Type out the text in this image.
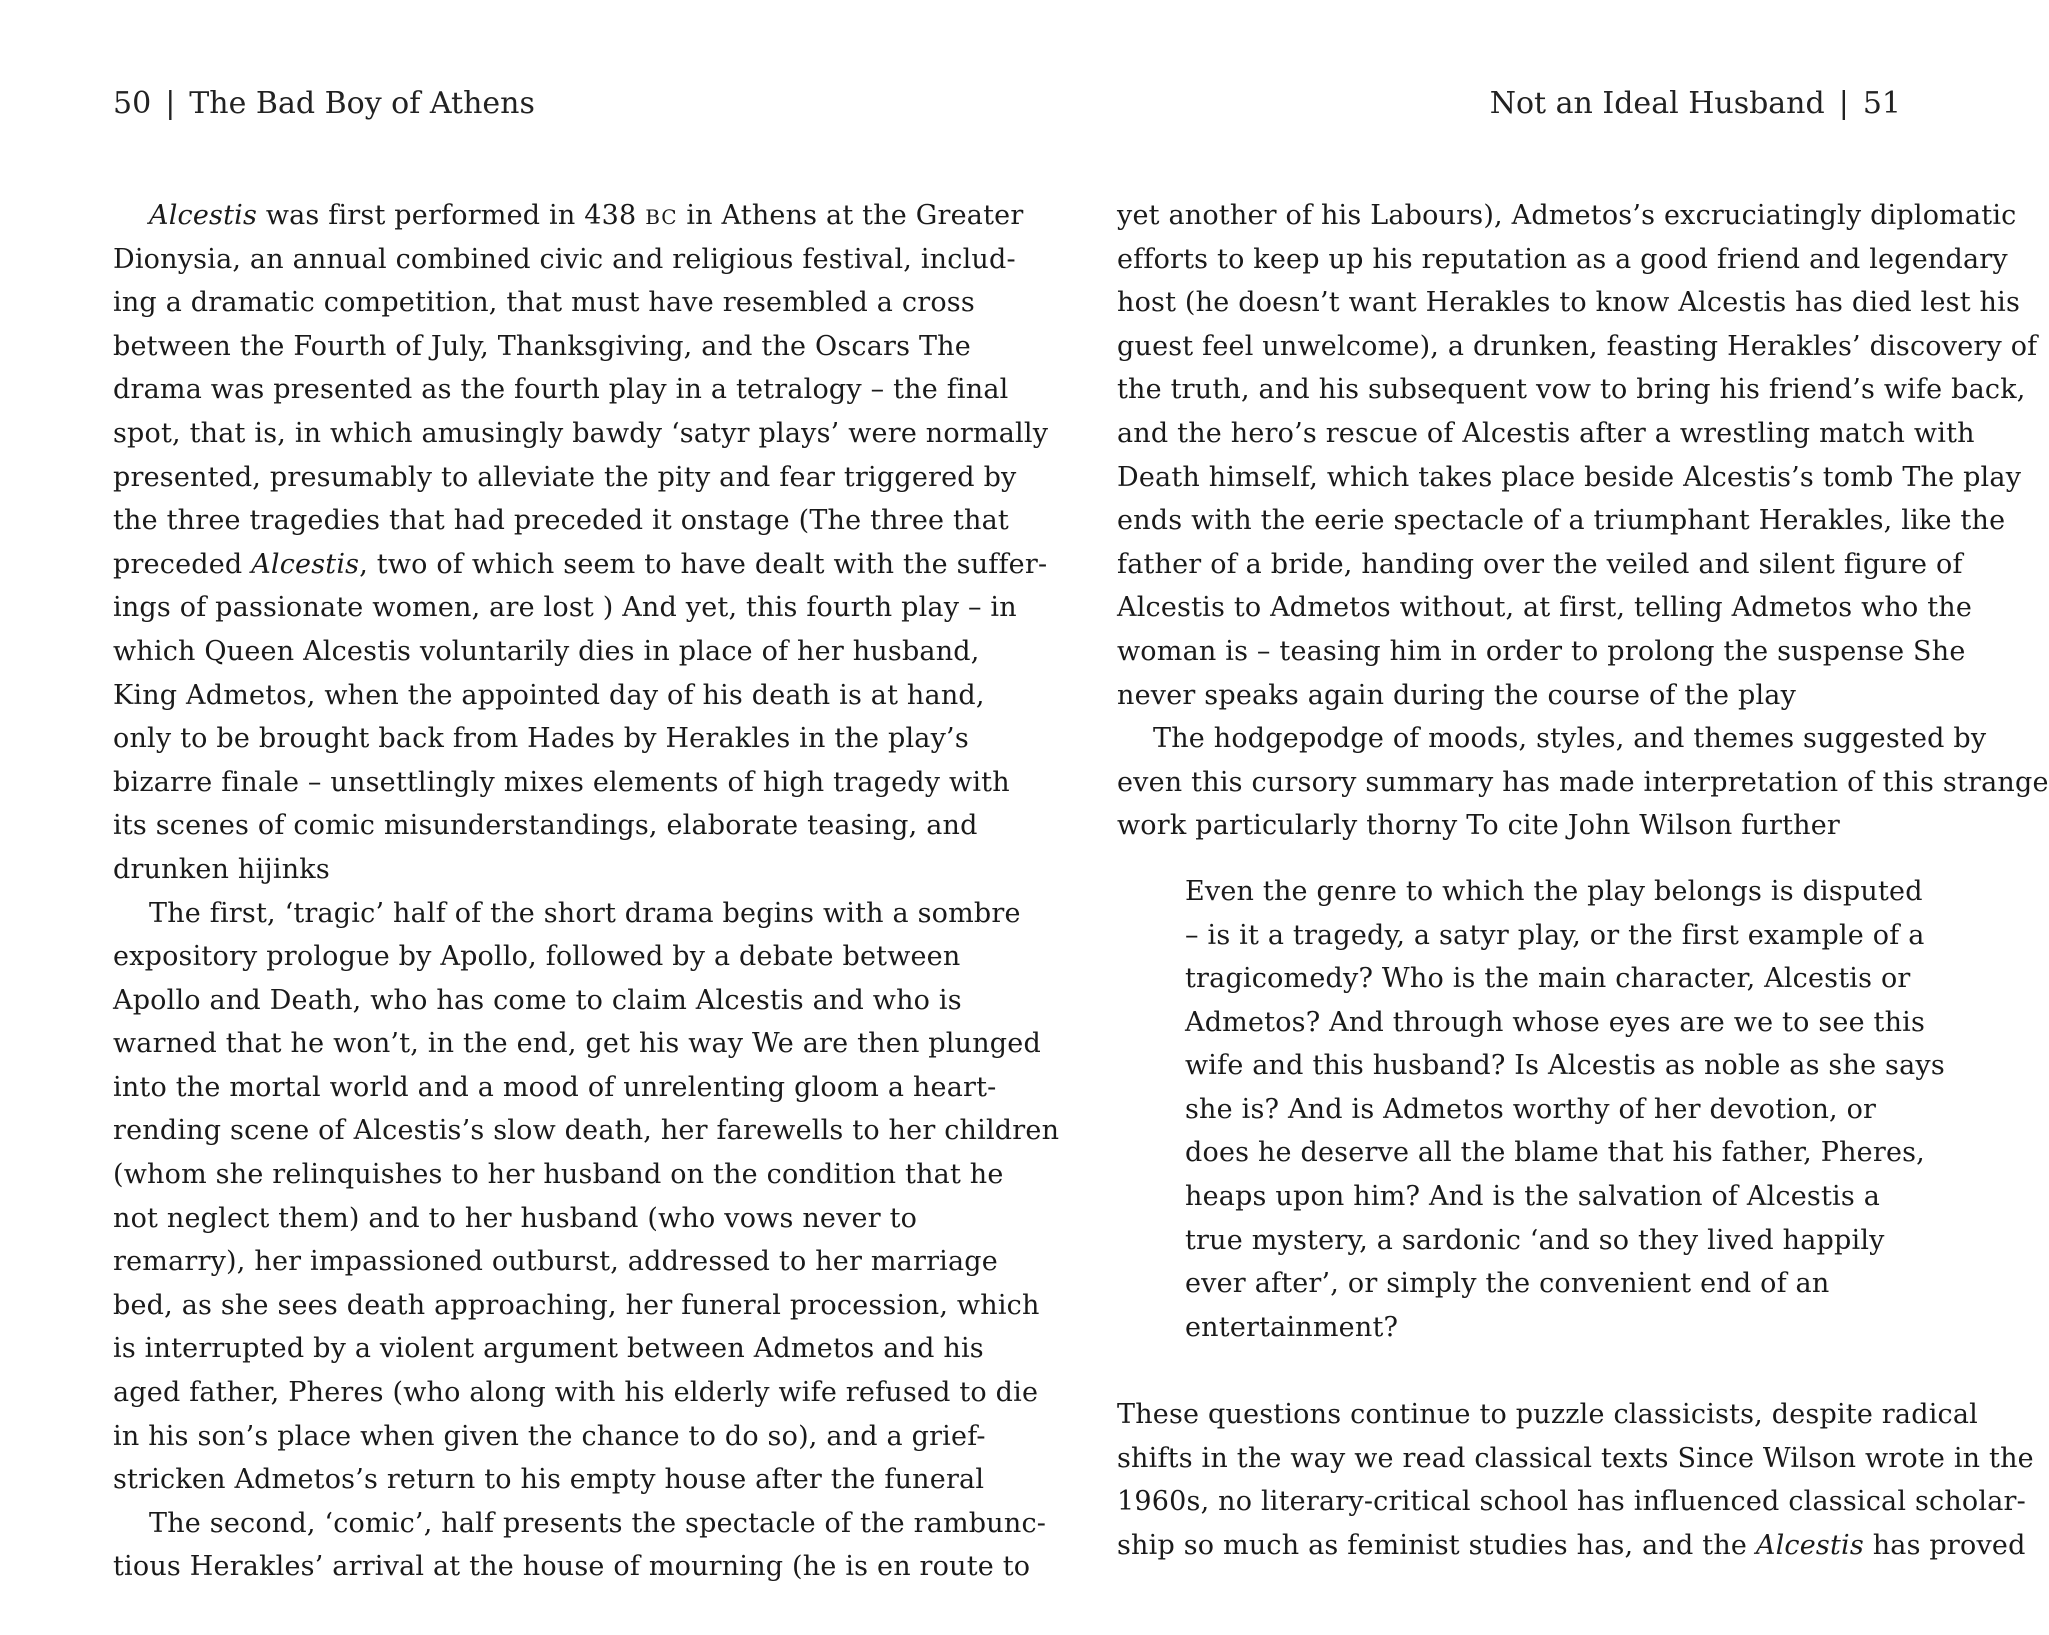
50 | The Bad Boy of Athens
Alcestis was first performed in 438 BC in Athens at the Greater
Dionysia, an annual combined civic and religious festival, includ-
ing a dramatic competition, that must have resembled a cross
between the Fourth of July, Thanksgiving, and the Oscars The
drama was presented as the fourth play in a tetralogy – the final
spot, that is, in which amusingly bawdy ‘satyr plays’ were normally
presented, presumably to alleviate the pity and fear triggered by
the three tragedies that had preceded it onstage (The three that
preceded Alcestis, two of which seem to have dealt with the suffer-
ings of passionate women, are lost ) And yet, this fourth play – in
which Queen Alcestis voluntarily dies in place of her husband,
King Admetos, when the appointed day of his death is at hand,
only to be brought back from Hades by Herakles in the play’s
bizarre finale – unsettlingly mixes elements of high tragedy with
its scenes of comic misunderstandings, elaborate teasing, and
drunken hijinks
The first, ‘tragic’ half of the short drama begins with a sombre
expository prologue by Apollo, followed by a debate between
Apollo and Death, who has come to claim Alcestis and who is
warned that he won’t, in the end, get his way We are then plunged
into the mortal world and a mood of unrelenting gloom a heart-
rending scene of Alcestis’s slow death, her farewells to her children
(whom she relinquishes to her husband on the condition that he
not neglect them) and to her husband (who vows never to
remarry), her impassioned outburst, addressed to her marriage
bed, as she sees death approaching, her funeral procession, which
is interrupted by a violent argument between Admetos and his
aged father, Pheres (who along with his elderly wife refused to die
in his son’s place when given the chance to do so), and a grief-
stricken Admetos’s return to his empty house after the funeral
The second, ‘comic’, half presents the spectacle of the rambunc-
tious Herakles’ arrival at the house of mourning (he is en route to
Not an Ideal Husband | 51
yet another of his Labours), Admetos’s excruciatingly diplomatic
efforts to keep up his reputation as a good friend and legendary
host (he doesn’t want Herakles to know Alcestis has died lest his
guest feel unwelcome), a drunken, feasting Herakles’ discovery of
the truth, and his subsequent vow to bring his friend’s wife back,
and the hero’s rescue of Alcestis after a wrestling match with
Death himself, which takes place beside Alcestis’s tomb The play
ends with the eerie spectacle of a triumphant Herakles, like the
father of a bride, handing over the veiled and silent figure of
Alcestis to Admetos without, at first, telling Admetos who the
woman is – teasing him in order to prolong the suspense She
never speaks again during the course of the play
The hodgepodge of moods, styles, and themes suggested by
even this cursory summary has made interpretation of this strange
work particularly thorny To cite John Wilson further
Even the genre to which the play belongs is disputed
– is it a tragedy, a satyr play, or the first example of a
tragicomedy? Who is the main character, Alcestis or
Admetos? And through whose eyes are we to see this
wife and this husband? Is Alcestis as noble as she says
she is? And is Admetos worthy of her devotion, or
does he deserve all the blame that his father, Pheres,
heaps upon him? And is the salvation of Alcestis a
true mystery, a sardonic ‘and so they lived happily
ever after’, or simply the convenient end of an
entertainment?
These questions continue to puzzle classicists, despite radical
shifts in the way we read classical texts Since Wilson wrote in the
1960s, no literary-critical school has influenced classical scholar-
ship so much as feminist studies has, and the Alcestis has proved
